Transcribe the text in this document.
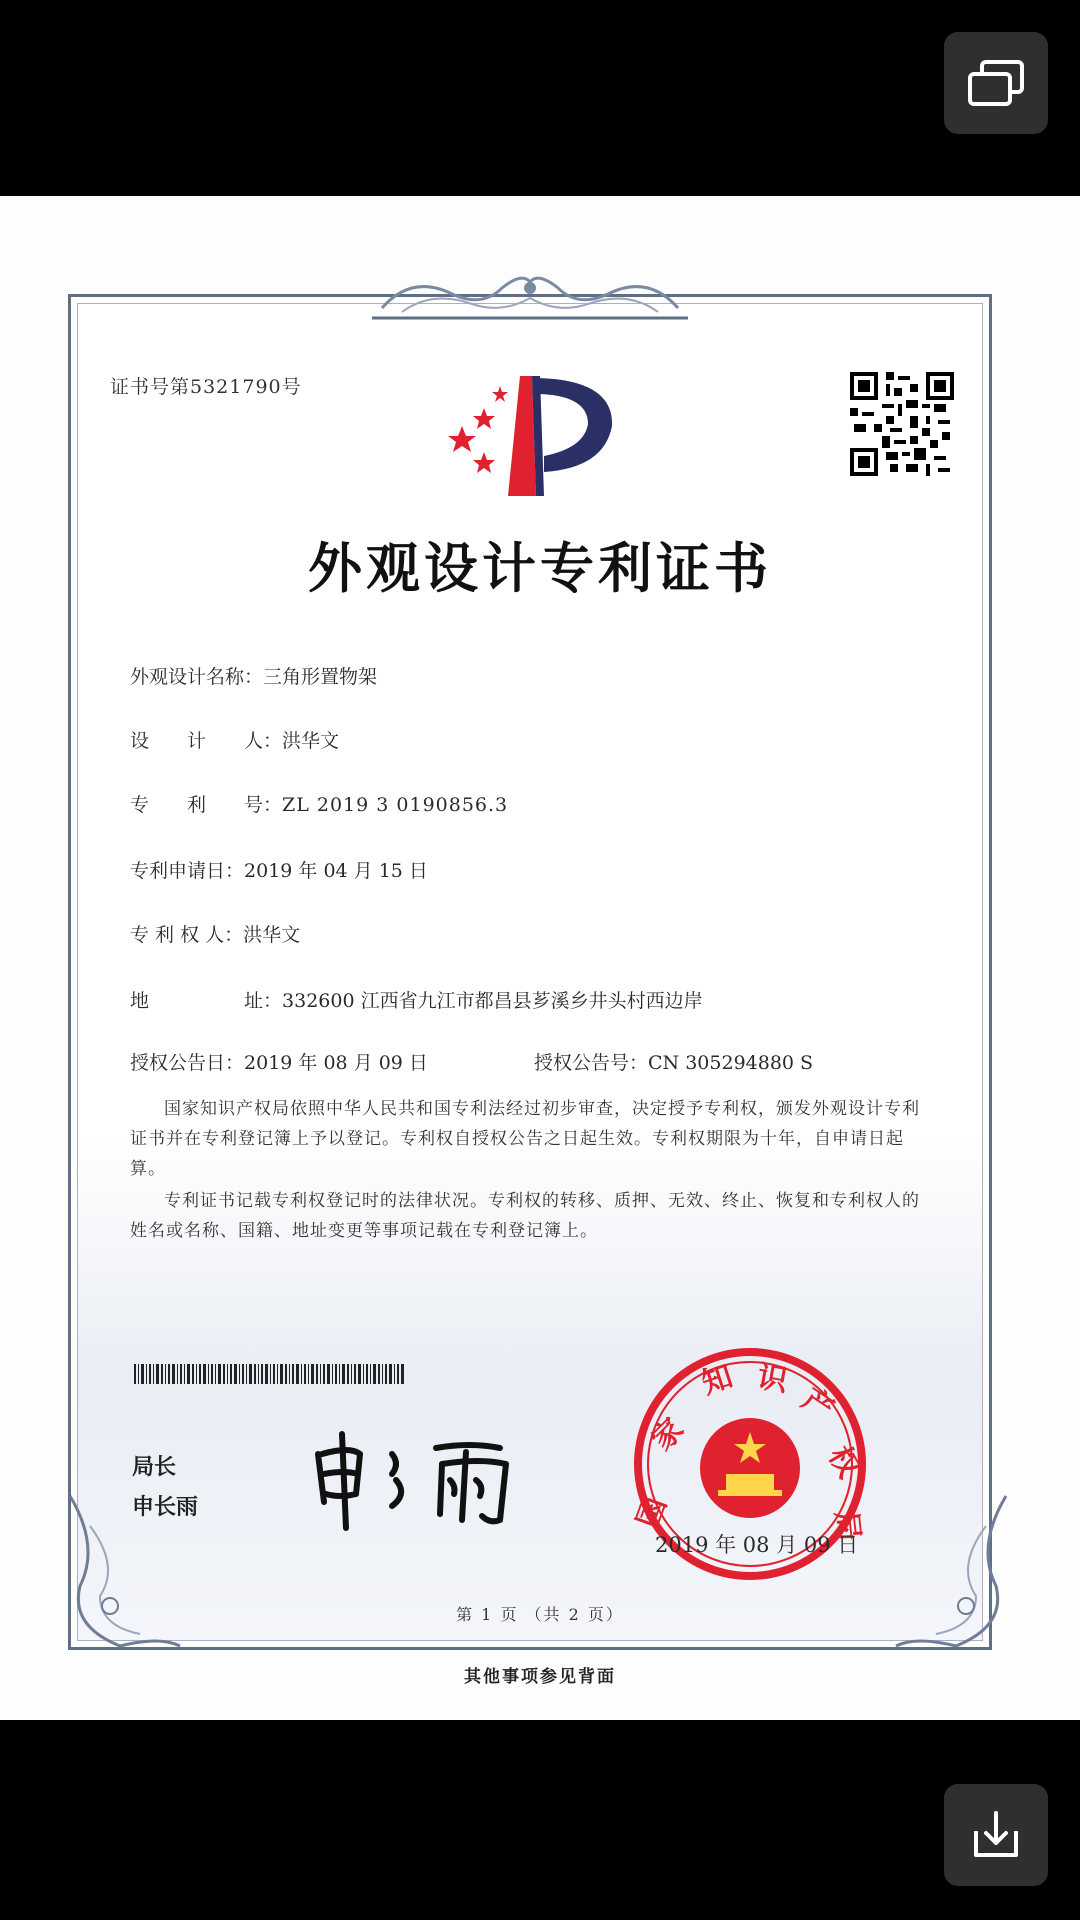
证书号第5321790号
外观设计专利证书
外观设计名称：三角形置物架
设　　计　　人：洪华文
专　　利　　号：ZL 2019 3 0190856.3
专利申请日：2019 年 04 月 15 日
专 利 权 人：洪华文
地　　　　　址：332600 江西省九江市都昌县芗溪乡井头村西边岸
授权公告日：2019 年 08 月 09 日	授权公告号：CN 305294880 S
国家知识产权局依照中华人民共和国专利法经过初步审查，决定授予专利权，颁发外观设计专利证书并在专利登记簿上予以登记。专利权自授权公告之日起生效。专利权期限为十年，自申请日起算。
专利证书记载专利权登记时的法律状况。专利权的转移、质押、无效、终止、恢复和专利权人的姓名或名称、国籍、地址变更等事项记载在专利登记簿上。
局长
申长雨	国
家
知 识
产
权
局
2019 年 08 月 09 日
第 1 页 （共 2 页）
其他事项参见背面
